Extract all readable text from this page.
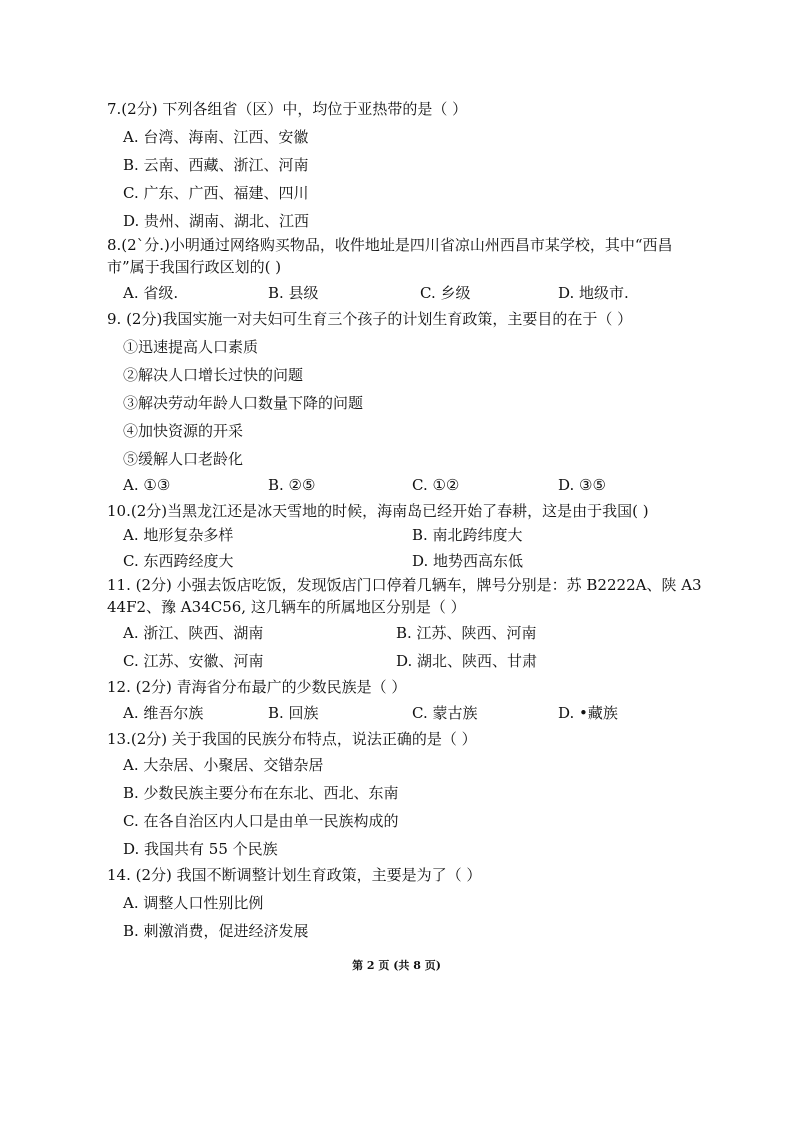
7.(2分) 下列各组省（区）中，均位于亚热带的是（ ）
A. 台湾、海南、江西、安徽
B. 云南、西藏、浙江、河南
C. 广东、广西、福建、四川
D. 贵州、湖南、湖北、江西
8.(2`分.)小明通过网络购买物品，收件地址是四川省凉山州西昌市某学校，其中“西昌
市”属于我国行政区划的( )
A. 省级.	B. 县级	C. 乡级	D. 地级市.
9. (2分)我国实施一对夫妇可生育三个孩子的计划生育政策，主要目的在于（ ）
①迅速提高人口素质
②解决人口增长过快的问题
③解决劳动年龄人口数量下降的问题
④加快资源的开采
⑤缓解人口老龄化
A. ①③	B. ②⑤	C. ①②	D. ③⑤
10.(2分)当黑龙江还是冰天雪地的时候，海南岛已经开始了春耕，这是由于我国( )
A. 地形复杂多样	B. 南北跨纬度大
C. 东西跨经度大	D. 地势西高东低
11. (2分) 小强去饭店吃饭，发现饭店门口停着几辆车，牌号分别是：苏 B2222A、陕 A3
44F2、豫 A34C56, 这几辆车的所属地区分别是（ ）
A. 浙江、陕西、湖南	B. 江苏、陕西、河南
C. 江苏、安徽、河南	D. 湖北、陕西、甘肃
12. (2分) 青海省分布最广的少数民族是（ ）
A. 维吾尔族	B. 回族	C. 蒙古族	D. •藏族
13.(2分) 关于我国的民族分布特点，说法正确的是（ ）
A. 大杂居、小聚居、交错杂居
B. 少数民族主要分布在东北、西北、东南
C. 在各自治区内人口是由单一民族构成的
D. 我国共有 55 个民族
14. (2分) 我国不断调整计划生育政策，主要是为了（ ）
A. 调整人口性别比例
B. 刺激消费，促进经济发展
第 2 页 (共 8 页)
